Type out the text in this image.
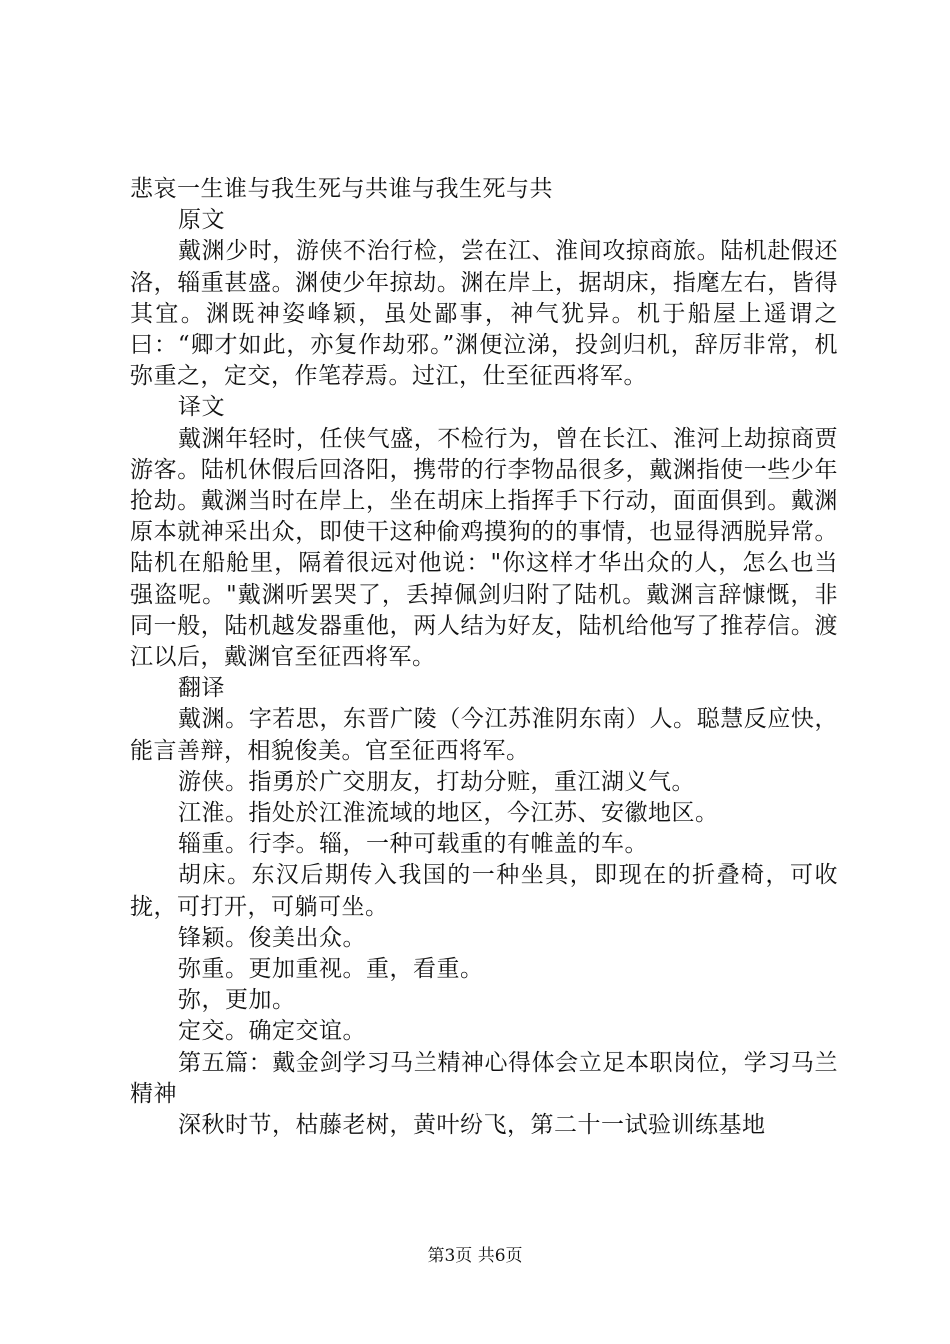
悲哀一生谁与我生死与共谁与我生死与共

原文

戴渊少时，游侠不治行检，尝在江、淮间攻掠商旅。陆机赴假还洛，辎重甚盛。渊使少年掠劫。渊在岸上，据胡床，指麾左右，皆得其宜。渊既神姿峰颖，虽处鄙事，神气犹异。机于船屋上遥谓之曰：“卿才如此，亦复作劫邪。”渊便泣涕，投剑归机，辞厉非常，机弥重之，定交，作笔荐焉。过江，仕至征西将军。

译文

戴渊年轻时，任侠气盛，不检行为，曾在长江、淮河上劫掠商贾游客。陆机休假后回洛阳，携带的行李物品很多，戴渊指使一些少年抢劫。戴渊当时在岸上，坐在胡床上指挥手下行动，面面俱到。戴渊原本就神采出众，即使干这种偷鸡摸狗的的事情，也显得洒脱异常。陆机在船舱里，隔着很远对他说："你这样才华出众的人，怎么也当强盗呢。"戴渊听罢哭了，丢掉佩剑归附了陆机。戴渊言辞慷慨，非同一般，陆机越发器重他，两人结为好友，陆机给他写了推荐信。渡江以后，戴渊官至征西将军。

翻译

戴渊。字若思，东晋广陵（今江苏淮阴东南）人。聪慧反应快，能言善辩，相貌俊美。官至征西将军。

游侠。指勇於广交朋友，打劫分赃，重江湖义气。

江淮。指处於江淮流域的地区，今江苏、安徽地区。

辎重。行李。辎，一种可载重的有帷盖的车。

胡床。东汉后期传入我国的一种坐具，即现在的折叠椅，可收拢，可打开，可躺可坐。

锋颖。俊美出众。

弥重。更加重视。重，看重。

弥，更加。

定交。确定交谊。

第五篇：戴金剑学习马兰精神心得体会立足本职岗位，学习马兰精神

深秋时节，枯藤老树，黄叶纷飞，第二十一试验训练基地

第3页 共6页
